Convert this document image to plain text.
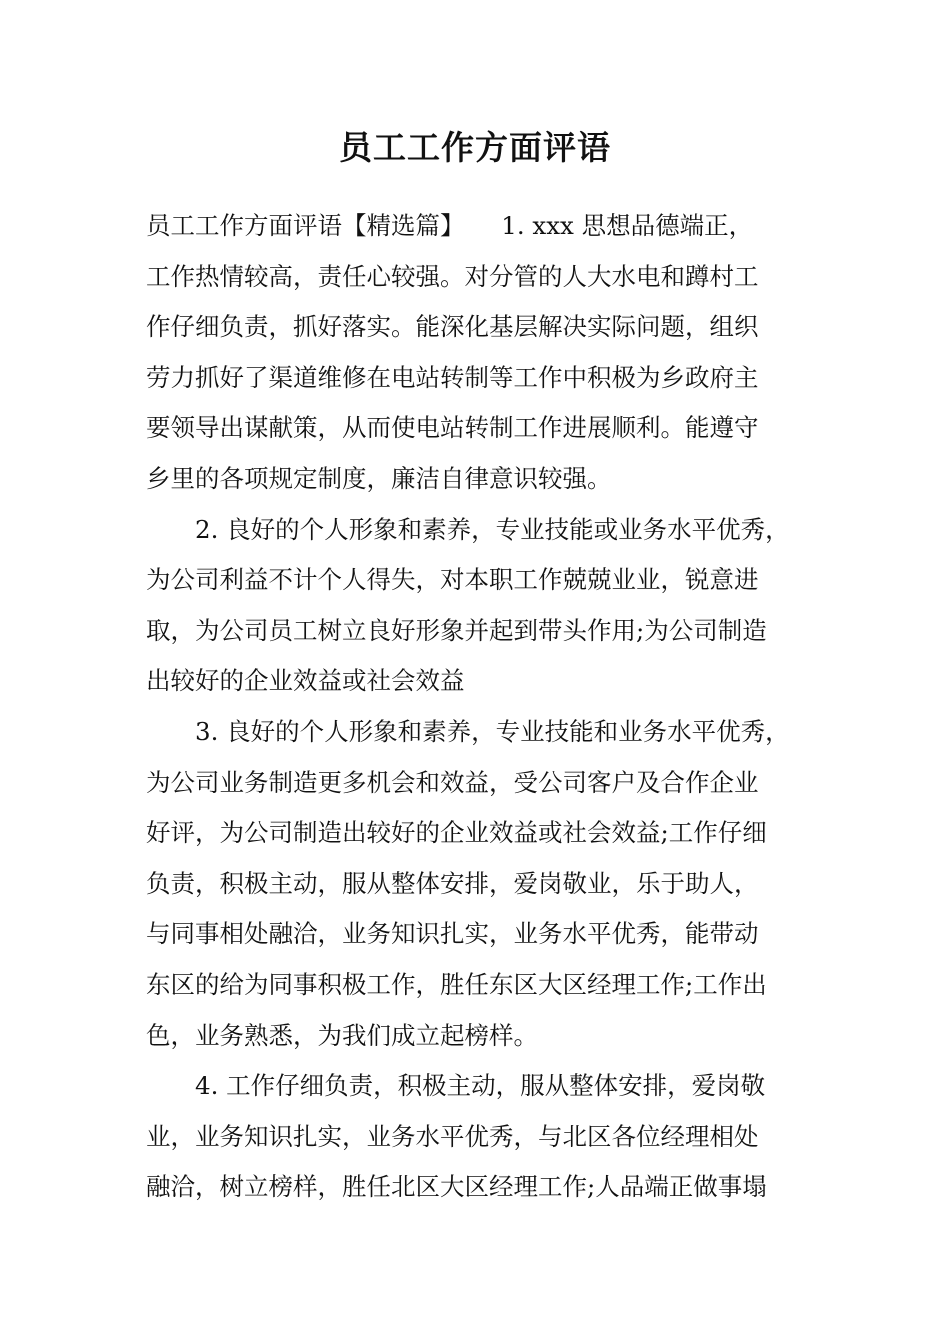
员工工作方面评语
员工工作方面评语【精选篇】　　1. xxx 思想品德端正，
工作热情较高，责任心较强。对分管的人大水电和蹲村工
作仔细负责，抓好落实。能深化基层解决实际问题，组织
劳力抓好了渠道维修在电站转制等工作中积极为乡政府主
要领导出谋献策，从而使电站转制工作进展顺利。能遵守
乡里的各项规定制度，廉洁自律意识较强。
2. 良好的个人形象和素养，专业技能或业务水平优秀，
为公司利益不计个人得失，对本职工作兢兢业业，锐意进
取，为公司员工树立良好形象并起到带头作用;为公司制造
出较好的企业效益或社会效益
3. 良好的个人形象和素养，专业技能和业务水平优秀，
为公司业务制造更多机会和效益，受公司客户及合作企业
好评，为公司制造出较好的企业效益或社会效益;工作仔细
负责，积极主动，服从整体安排，爱岗敬业，乐于助人，
与同事相处融洽，业务知识扎实，业务水平优秀，能带动
东区的给为同事积极工作，胜任东区大区经理工作;工作出
色，业务熟悉，为我们成立起榜样。
4. 工作仔细负责，积极主动，服从整体安排，爱岗敬
业，业务知识扎实，业务水平优秀，与北区各位经理相处
融洽，树立榜样，胜任北区大区经理工作;人品端正做事塌
